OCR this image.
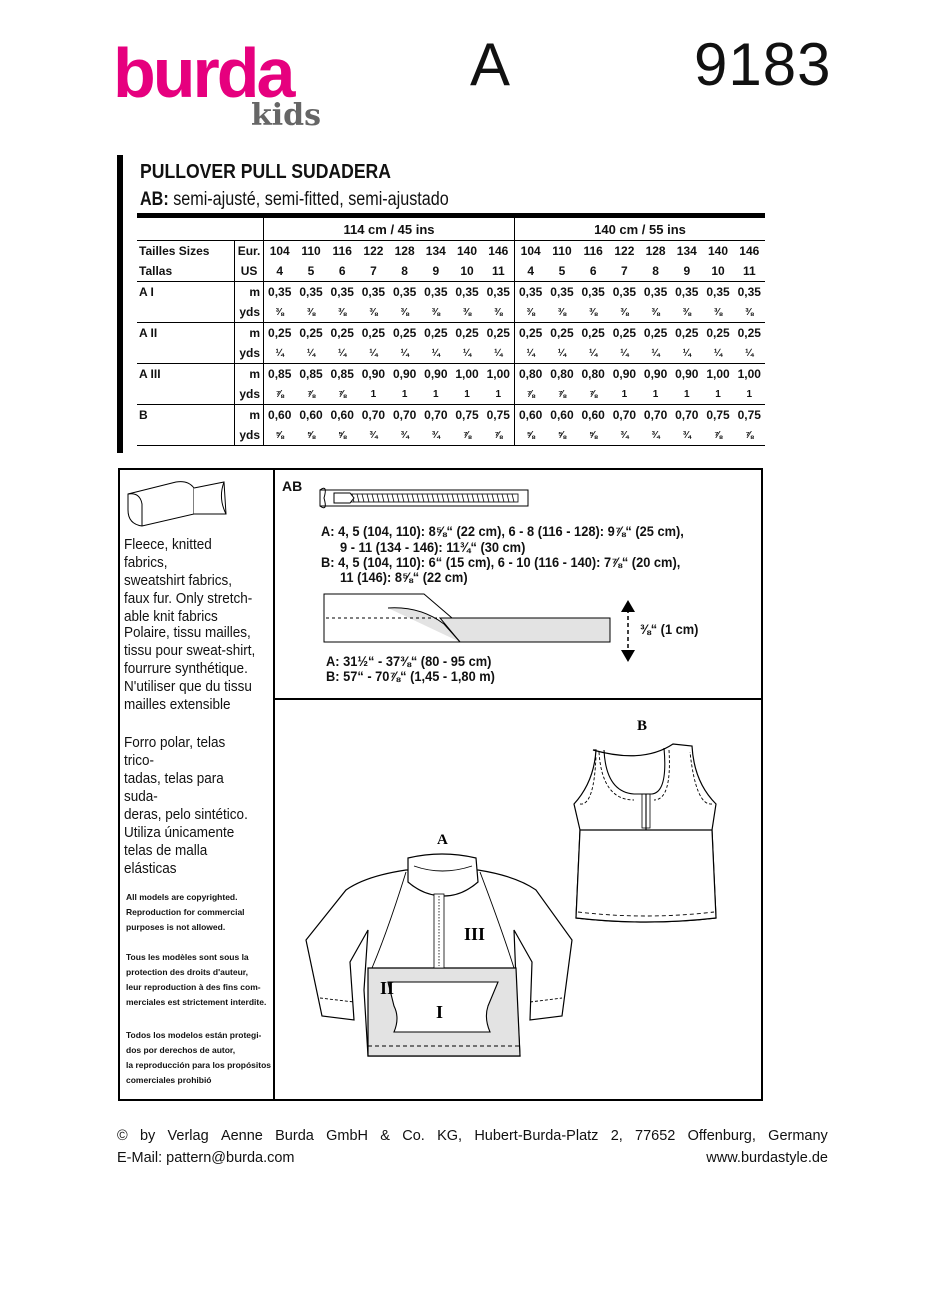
burda
kids
A	9183
PULLOVER PULL SUDADERA
AB: semi-ajusté, semi-fitted, semi-ajustado
		114 cm / 45 ins								140 cm / 55 ins							
Tailles Sizes	Eur.	104	110	116	122	128	134	140	146	104	110	116	122	128	134	140	146
Tallas	US	4	5	6	7	8	9	10	11	4	5	6	7	8	9	10	11
A I	m	0,35	0,35	0,35	0,35	0,35	0,35	0,35	0,35	0,35	0,35	0,35	0,35	0,35	0,35	0,35	0,35
	yds	⅜	⅜	⅜	⅜	⅜	⅜	⅜	⅜	⅜	⅜	⅜	⅜	⅜	⅜	⅜	⅜
A II	m	0,25	0,25	0,25	0,25	0,25	0,25	0,25	0,25	0,25	0,25	0,25	0,25	0,25	0,25	0,25	0,25
	yds	¼	¼	¼	¼	¼	¼	¼	¼	¼	¼	¼	¼	¼	¼	¼	¼
A III	m	0,85	0,85	0,85	0,90	0,90	0,90	1,00	1,00	0,80	0,80	0,80	0,90	0,90	0,90	1,00	1,00
	yds	⅞	⅞	⅞	1	1	1	1	1	⅞	⅞	⅞	1	1	1	1	1
B	m	0,60	0,60	0,60	0,70	0,70	0,70	0,75	0,75	0,60	0,60	0,60	0,70	0,70	0,70	0,75	0,75
	yds	⅝	⅝	⅝	¾	¾	¾	⅞	⅞	⅝	⅝	⅝	¾	¾	¾	⅞	⅞
Fleece, knitted fabrics,
sweatshirt fabrics,
faux fur. Only stretch-
able knit fabrics
Polaire, tissu mailles,
tissu pour sweat-shirt,
fourrure synthétique.
N'utiliser que du tissu
mailles extensible
Forro polar, telas trico-
tadas, telas para suda-
deras, pelo sintético.
Utiliza únicamente
telas de malla elásticas
All models are copyrighted.
Reproduction for commercial
purposes is not allowed.
Tous les modèles sont sous la
protection des droits d'auteur,
leur reproduction à des fins com-
merciales est strictement interdite.
Todos los modelos están protegi-
dos por derechos de autor,
la reproducción para los propósitos
comerciales prohibió
AB
A: 4, 5 (104, 110): 8⅝“ (22 cm), 6 - 8 (116 - 128): 9⅞“ (25 cm),
9 - 11 (134 - 146): 11¾“ (30 cm)
B: 4, 5 (104, 110): 6“ (15 cm), 6 - 10 (116 - 140): 7⅞“ (20 cm),
11 (146): 8⅝“ (22 cm)
⅜“ (1 cm)
A: 31½“ - 37⅜“ (80 - 95 cm)
B: 57“ - 70⅞“ (1,45 - 1,80 m)
B
A
III
II
I
© by Verlag Aenne Burda GmbH & Co. KG, Hubert-Burda-Platz 2, 77652 Offenburg, Germany
E-Mail: pattern@burda.com	www.burdastyle.de
